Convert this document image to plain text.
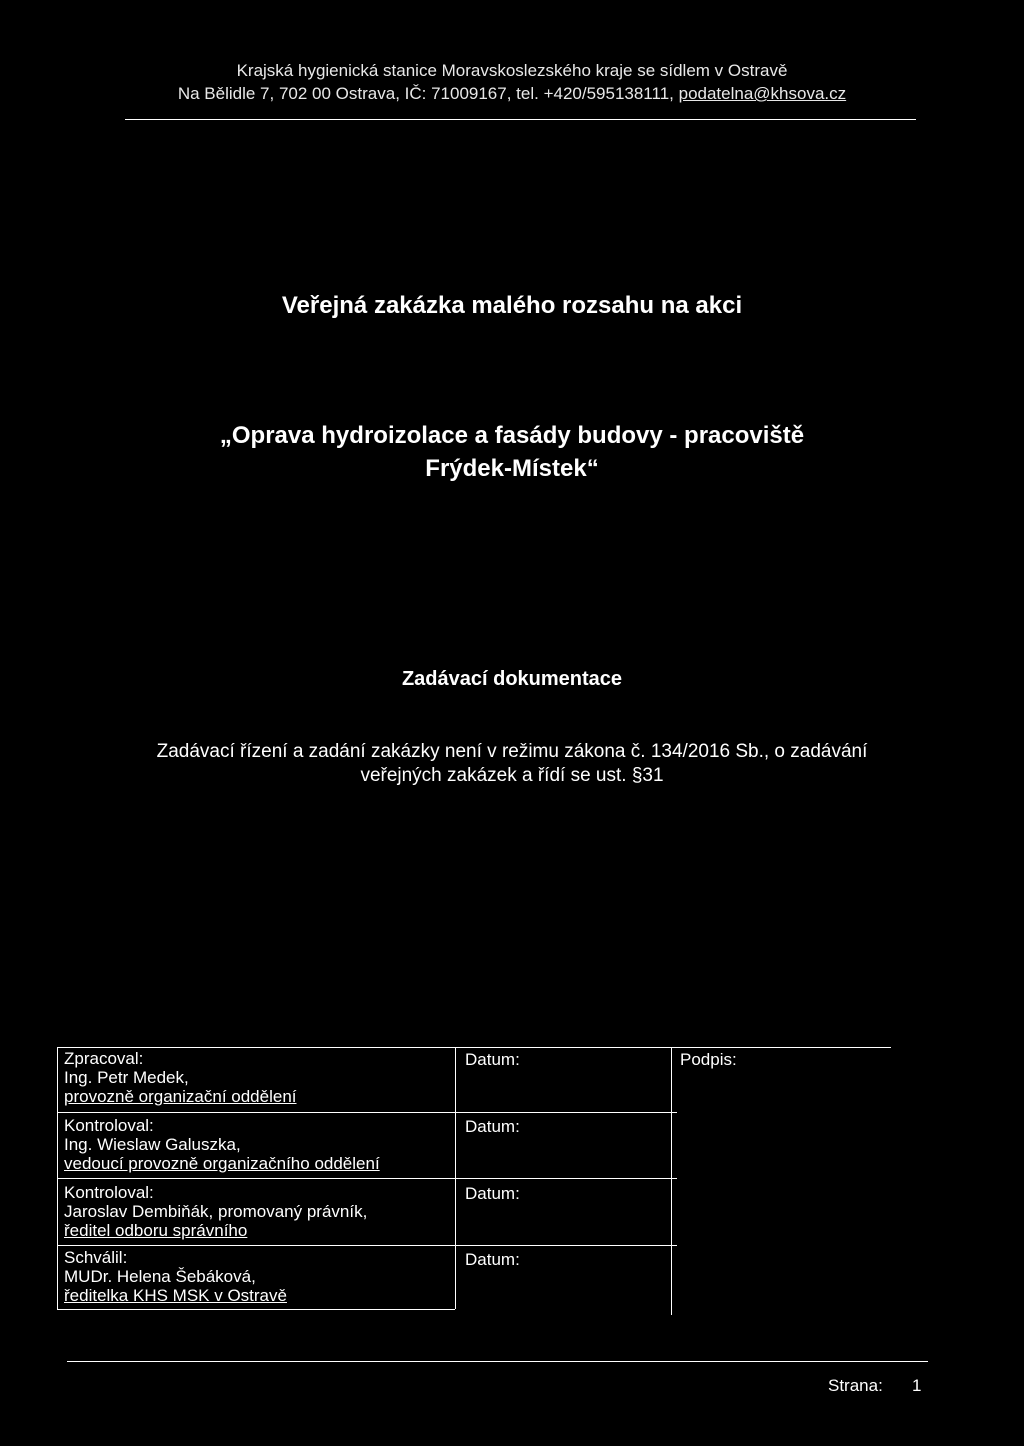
Krajská hygienická stanice Moravskoslezského kraje se sídlem v Ostravě
Na Bělidle 7, 702 00 Ostrava, IČ: 71009167, tel. +420/595138111, podatelna@khsova.cz
Veřejná zakázka malého rozsahu na akci
„Oprava hydroizolace a fasády budovy - pracoviště
Frýdek-Místek“
Zadávací dokumentace
Zadávací řízení a zadání zakázky není v režimu zákona č. 134/2016 Sb., o zadávání
veřejných zakázek a řídí se ust. §31
Zpracoval:
Ing. Petr Medek,
provozně organizační oddělení
Datum:	Podpis:
Kontroloval:
Ing. Wieslaw Galuszka,
vedoucí provozně organizačního oddělení
Datum:
Kontroloval:
Jaroslav Dembiňák, promovaný právník,
ředitel odboru správního
Datum:
Schválil:
MUDr. Helena Šebáková,
ředitelka KHS MSK v Ostravě
Datum:
Strana: 1
